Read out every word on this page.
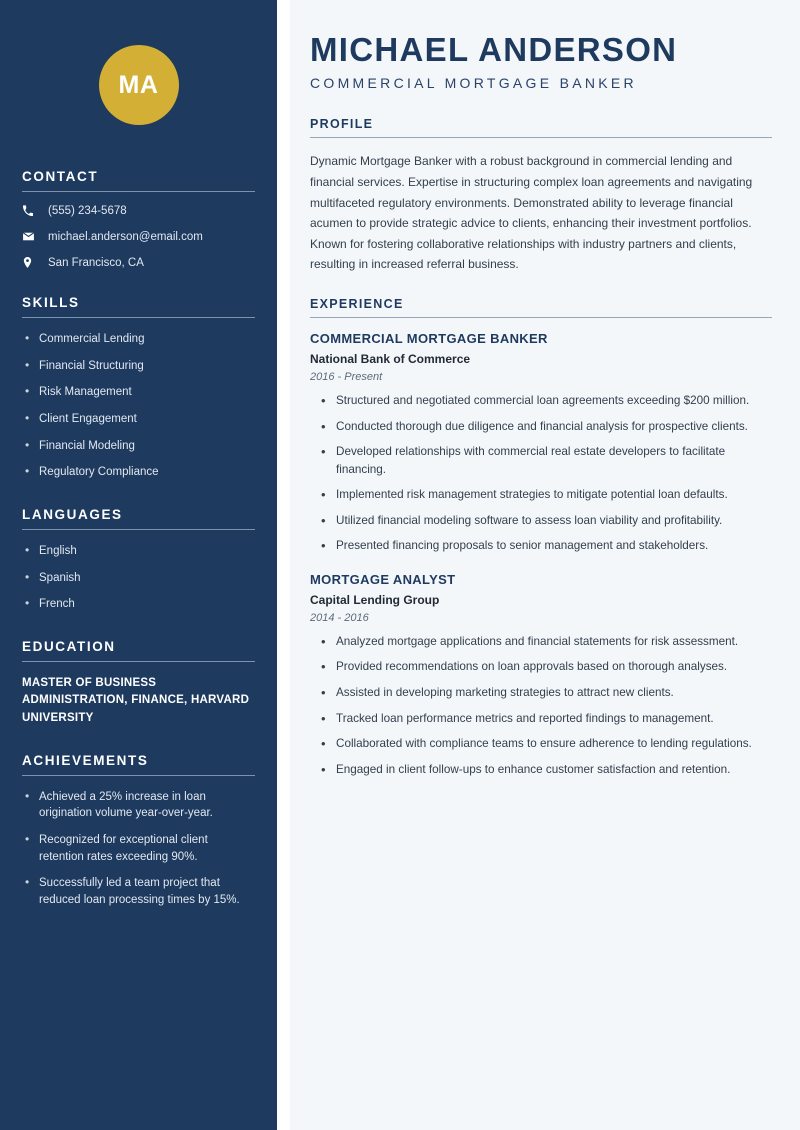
MA
CONTACT
(555) 234-5678
michael.anderson@email.com
San Francisco, CA
SKILLS
• Commercial Lending
• Financial Structuring
• Risk Management
• Client Engagement
• Financial Modeling
• Regulatory Compliance
LANGUAGES
• English
• Spanish
• French
EDUCATION
MASTER OF BUSINESS ADMINISTRATION, FINANCE, HARVARD UNIVERSITY
ACHIEVEMENTS
• Achieved a 25% increase in loan origination volume year-over-year.
• Recognized for exceptional client retention rates exceeding 90%.
• Successfully led a team project that reduced loan processing times by 15%.
MICHAEL ANDERSON
COMMERCIAL MORTGAGE BANKER
PROFILE

Dynamic Mortgage Banker with a robust background in commercial lending and financial services. Expertise in structuring complex loan agreements and navigating multifaceted regulatory environments. Demonstrated ability to leverage financial acumen to provide strategic advice to clients, enhancing their investment portfolios. Known for fostering collaborative relationships with industry partners and clients, resulting in increased referral business.

EXPERIENCE
COMMERCIAL MORTGAGE BANKER
National Bank of Commerce
2016 - Present
• Structured and negotiated commercial loan agreements exceeding $200 million.
• Conducted thorough due diligence and financial analysis for prospective clients.
• Developed relationships with commercial real estate developers to facilitate financing.
• Implemented risk management strategies to mitigate potential loan defaults.
• Utilized financial modeling software to assess loan viability and profitability.
• Presented financing proposals to senior management and stakeholders.
MORTGAGE ANALYST
Capital Lending Group
2014 - 2016
• Analyzed mortgage applications and financial statements for risk assessment.
• Provided recommendations on loan approvals based on thorough analyses.
• Assisted in developing marketing strategies to attract new clients.
• Tracked loan performance metrics and reported findings to management.
• Collaborated with compliance teams to ensure adherence to lending regulations.
• Engaged in client follow-ups to enhance customer satisfaction and retention.
